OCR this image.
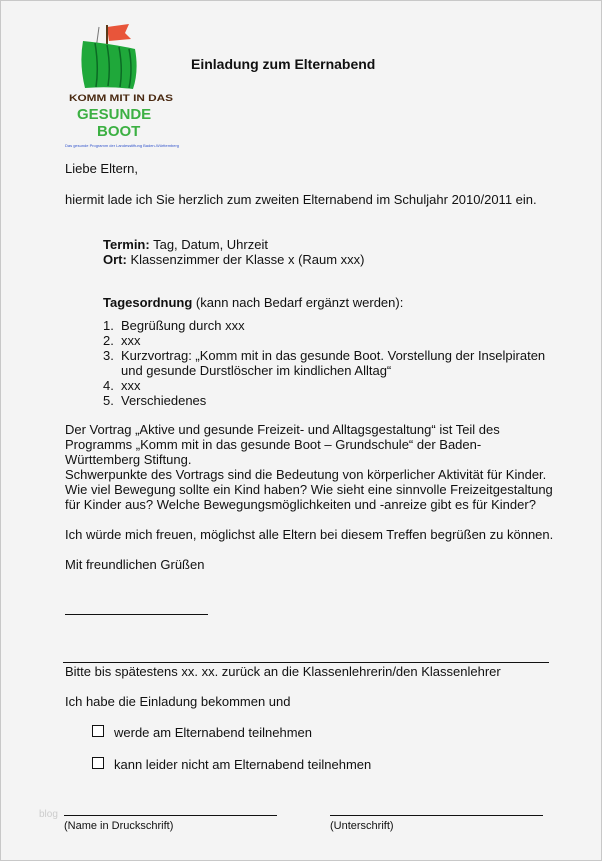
KOMM MIT IN DAS
GESUNDE
BOOT
Das gesunde Programm der Landesstiftung Baden-Württemberg
Einladung zum Elternabend
Liebe Eltern,
hiermit lade ich Sie herzlich zum zweiten Elternabend im Schuljahr 2010/2011 ein.
Termin: Tag, Datum, Uhrzeit
Ort: Klassenzimmer der Klasse x (Raum xxx)
Tagesordnung (kann nach Bedarf ergänzt werden):
1. Begrüßung durch xxx
2. xxx
3. Kurzvortrag: „Komm mit in das gesunde Boot. Vorstellung der Inselpiraten
und gesunde Durstlöscher im kindlichen Alltag“
4. xxx
5. Verschiedenes
Der Vortrag „Aktive und gesunde Freizeit- und Alltagsgestaltung“ ist Teil des
Programms „Komm mit in das gesunde Boot – Grundschule“ der Baden-
Württemberg Stiftung.
Schwerpunkte des Vortrags sind die Bedeutung von körperlicher Aktivität für Kinder.
Wie viel Bewegung sollte ein Kind haben? Wie sieht eine sinnvolle Freizeitgestaltung
für Kinder aus? Welche Bewegungsmöglichkeiten und -anreize gibt es für Kinder?
Ich würde mich freuen, möglichst alle Eltern bei diesem Treffen begrüßen zu können.
Mit freundlichen Grüßen
Bitte bis spätestens xx. xx. zurück an die Klassenlehrerin/den Klassenlehrer
Ich habe die Einladung bekommen und
werde am Elternabend teilnehmen
kann leider nicht am Elternabend teilnehmen
blog
(Name in Druckschrift)	(Unterschrift)
